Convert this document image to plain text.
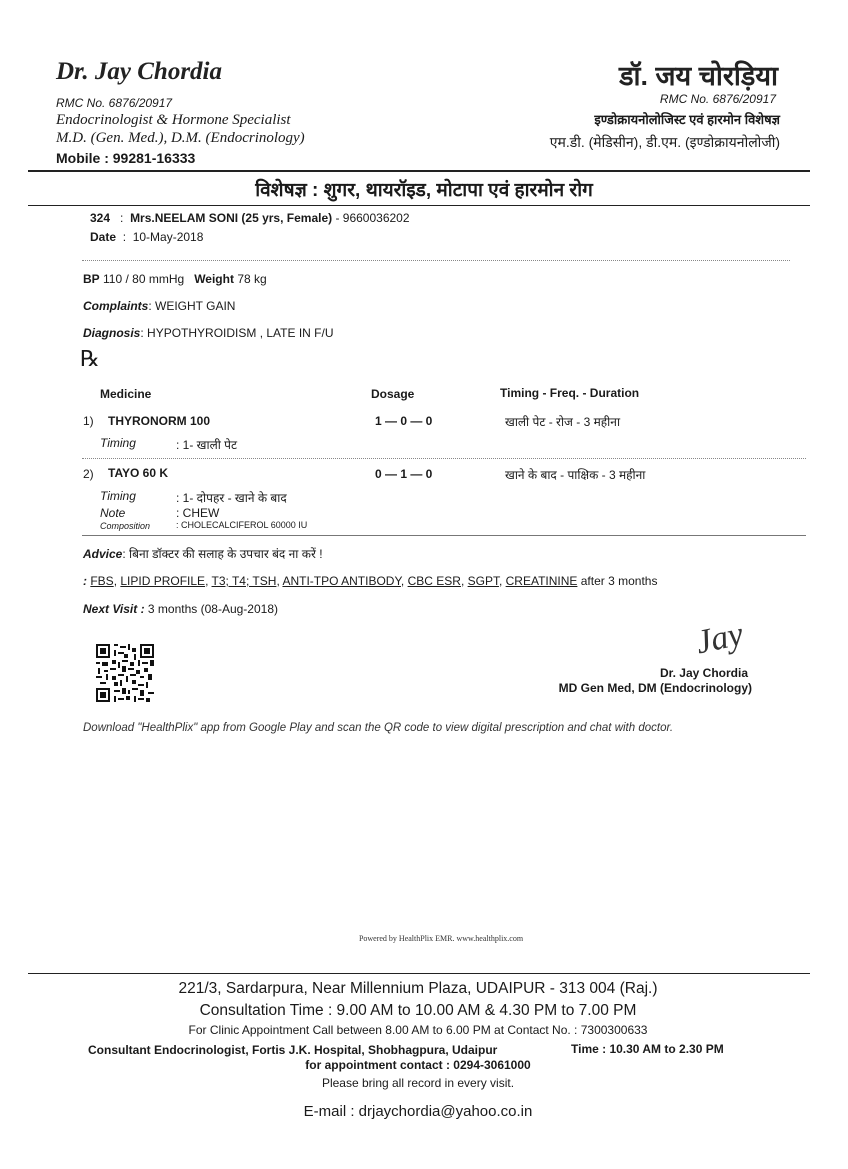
Dr. Jay Chordia
RMC No. 6876/20917
Endocrinologist & Hormone Specialist
M.D. (Gen. Med.), D.M. (Endocrinology)
Mobile : 99281-16333
डॉ. जय चोरड़िया
RMC No. 6876/20917
इण्डोक्रायनोलोजिस्ट एवं हारमोन विशेषज्ञ
एम.डी. (मेडिसीन), डी.एम. (इण्डोक्रायनोलोजी)
विशेषज्ञ : शुगर, थायरॉइड, मोटापा एवं हारमोन रोग
324 : Mrs.NEELAM SONI (25 yrs, Female) - 9660036202
Date : 10-May-2018
BP 110 / 80 mmHg Weight 78 kg
Complaints: WEIGHT GAIN
Diagnosis: HYPOTHYROIDISM , LATE IN F/U
℞
Medicine	Dosage	Timing - Freq. - Duration
1) THYRONORM 100	1 — 0 — 0	खाली पेट - रोज - 3 महीना
Timing	: 1- खाली पेट
2) TAYO 60 K	0 — 1 — 0	खाने के बाद - पाक्षिक - 3 महीना
Timing	: 1- दोपहर - खाने के बाद
Note	: CHEW
Composition	: CHOLECALCIFEROL 60000 IU
Advice: बिना डॉक्टर की सलाह के उपचार बंद ना करें !
: FBS, LIPID PROFILE, T3; T4; TSH, ANTI-TPO ANTIBODY, CBC ESR, SGPT, CREATININE after 3 months
Next Visit : 3 months (08-Aug-2018)
Jay
Dr. Jay Chordia
MD Gen Med, DM (Endocrinology)
Download "HealthPlix" app from Google Play and scan the QR code to view digital prescription and chat with doctor.
Powered by HealthPlix EMR. www.healthplix.com
221/3, Sardarpura, Near Millennium Plaza, UDAIPUR - 313 004 (Raj.)
Consultation Time : 9.00 AM to 10.00 AM & 4.30 PM to 7.00 PM
For Clinic Appointment Call between 8.00 AM to 6.00 PM at Contact No. : 7300300633
Consultant Endocrinologist, Fortis J.K. Hospital, Shobhagpura, Udaipur	Time : 10.30 AM to 2.30 PM
for appointment contact : 0294-3061000
Please bring all record in every visit.
E-mail : drjaychordia@yahoo.co.in
